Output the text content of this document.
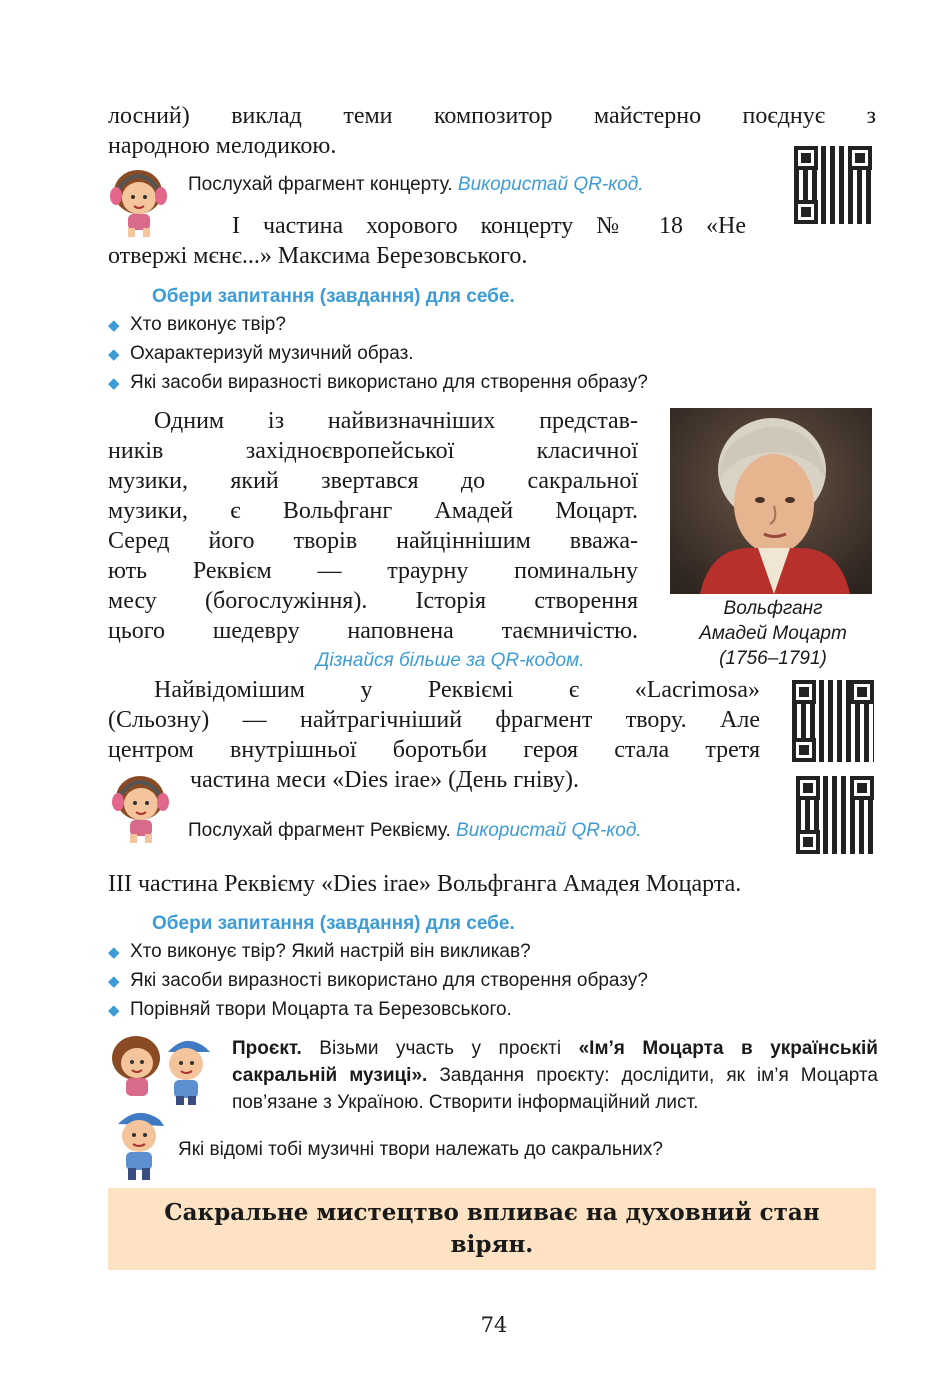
лосний) виклад теми композитор майстерно поєднує з
народною мелодикою.
Послухай фрагмент концерту. Використай QR-код.
І частина хорового концерту № 18 «Не
отвержі мєнє...» Максима Березовського.
Обери запитання (завдання) для себе.
◆ Хто виконує твір?
◆ Охарактеризуй музичний образ.
◆ Які засоби виразності використано для створення образу?
Одним із найвизначніших представ-
ників західноєвропейської класичної
музики, який звертався до сакральної
музики, є Вольфганг Амадей Моцарт.
Серед його творів найціннішим вважа-
ють Реквієм — траурну поминальну
месу (богослужіння). Історія створення
цього шедевру наповнена таємничістю.
Дізнайся більше за QR-кодом.
Вольфганг
Амадей Моцарт
(1756–1791)
Найвідомішим у Реквіємі є «Lacrimosa»
(Сльозну) — найтрагічніший фрагмент твору. Але
центром внутрішньої боротьби героя стала третя
частина меси «Dies irae» (День гніву).
Послухай фрагмент Реквієму. Використай QR-код.
ІІІ частина Реквієму «Dies irae» Вольфганга Амадея Моцарта.
Обери запитання (завдання) для себе.
◆ Хто виконує твір? Який настрій він викликав?
◆ Які засоби виразності використано для створення образу?
◆ Порівняй твори Моцарта та Березовського.
Проєкт. Візьми участь у проєкті «Ім’я Моцарта в українській сакральній музиці». Завдання проєкту: дослідити, як ім’я Моцарта пов’язане з Україною. Створити інформаційний лист.
Які відомі тобі музичні твори належать до сакральних?
Сакральне мистецтво впливає на духовний стан
вірян.
74
